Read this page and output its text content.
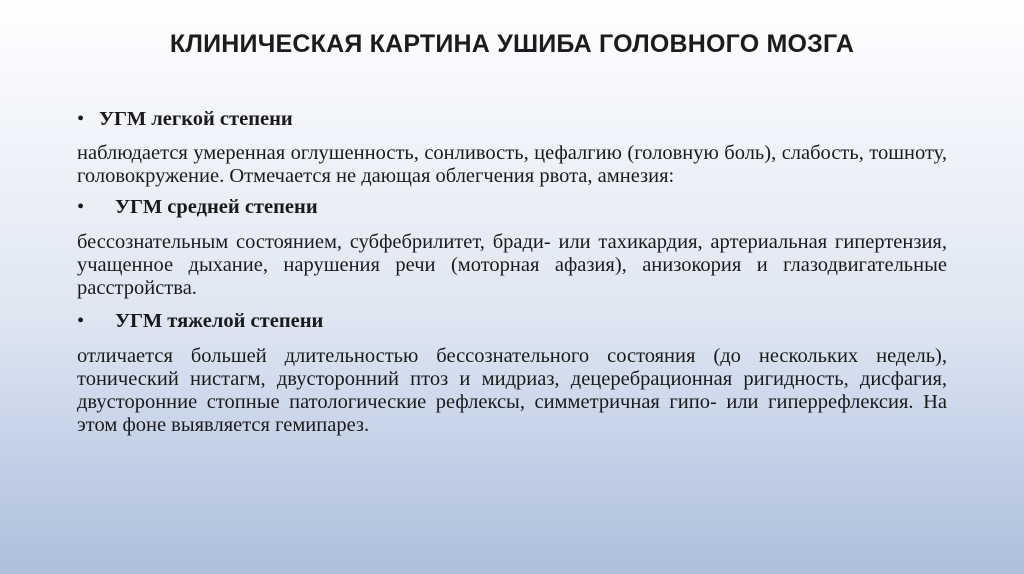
КЛИНИЧЕСКАЯ КАРТИНА УШИБА ГОЛОВНОГО МОЗГА
• УГМ легкой степени

наблюдается умеренная оглушенность, сонливость, цефалгию (головную боль), слабость, тошноту, головокружение. Отмечается не дающая облегчения рвота, амнезия:

•	УГМ средней степени

бессознательным состоянием, субфебрилитет, бради- или тахикардия, артериальная гипертензия, учащенное дыхание, нарушения речи (моторная афазия), анизокория и глазодвигательные расстройства.

•	УГМ тяжелой степени

отличается большей длительностью бессознательного состояния (до нескольких недель), тонический нистагм, двусторонний птоз и мидриаз, децеребрационная ригидность, дисфагия, двусторонние стопные патологические рефлексы, симметричная гипо- или гиперрефлексия. На этом фоне выявляется гемипарез.
